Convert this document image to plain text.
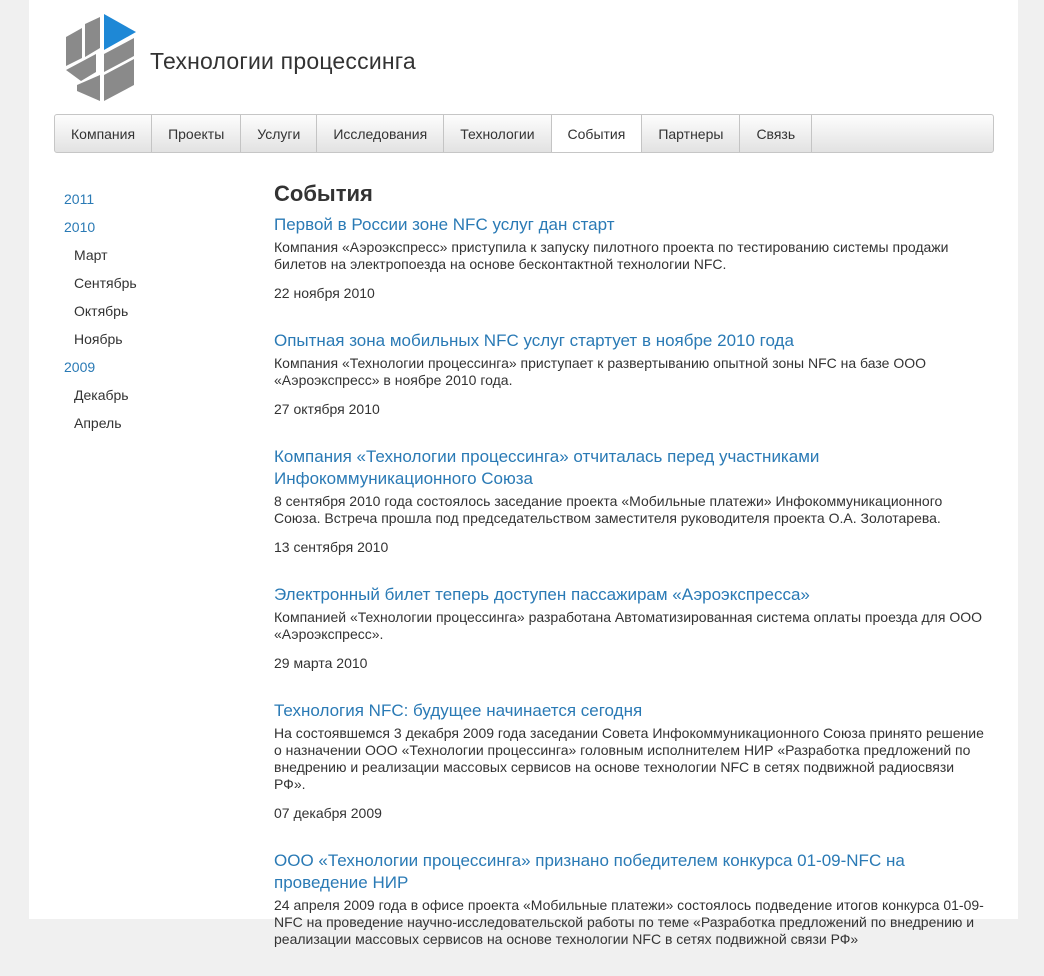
Технологии процессинга
Компания	Проекты	Услуги	Исследования	Технологии	События	Партнеры	Связь
2011
2010
Март
Сентябрь
Октябрь
Ноябрь
2009
Декабрь
Апрель
События
Первой в России зоне NFC услуг дан старт
Компания «Аэроэкспресс» приступила к запуску пилотного проекта по тестированию системы продажи билетов на электропоезда на основе бесконтактной технологии NFC.
22 ноября 2010
Опытная зона мобильных NFC услуг стартует в ноябре 2010 года
Компания «Технологии процессинга» приступает к развертыванию опытной зоны NFC на базе ООО «Аэроэкспресс» в ноябре 2010 года.
27 октября 2010
Компания «Технологии процессинга» отчиталась перед участниками Инфокоммуникационного Союза
8 сентября 2010 года состоялось заседание проекта «Мобильные платежи» Инфокоммуникационного Союза. Встреча прошла под председательством заместителя руководителя проекта О.А. Золотарева.
13 сентября 2010
Электронный билет теперь доступен пассажирам «Аэроэкспресса»
Компанией «Технологии процессинга» разработана Автоматизированная система оплаты проезда для ООО «Аэроэкспресс».
29 марта 2010
Технология NFC: будущее начинается сегодня
На состоявшемся 3 декабря 2009 года заседании Совета Инфокоммуникационного Союза принято решение о назначении ООО «Технологии процессинга» головным исполнителем НИР «Разработка предложений по внедрению и реализации массовых сервисов на основе технологии NFC в сетях подвижной радиосвязи РФ».
07 декабря 2009
ООО «Технологии процессинга» признано победителем конкурса 01-09-NFC на проведение НИР
24 апреля 2009 года в офисе проекта «Мобильные платежи» состоялось подведение итогов конкурса 01-09-NFC на проведение научно-исследовательской работы по теме «Разработка предложений по внедрению и реализации массовых сервисов на основе технологии NFC в сетях подвижной связи РФ»
